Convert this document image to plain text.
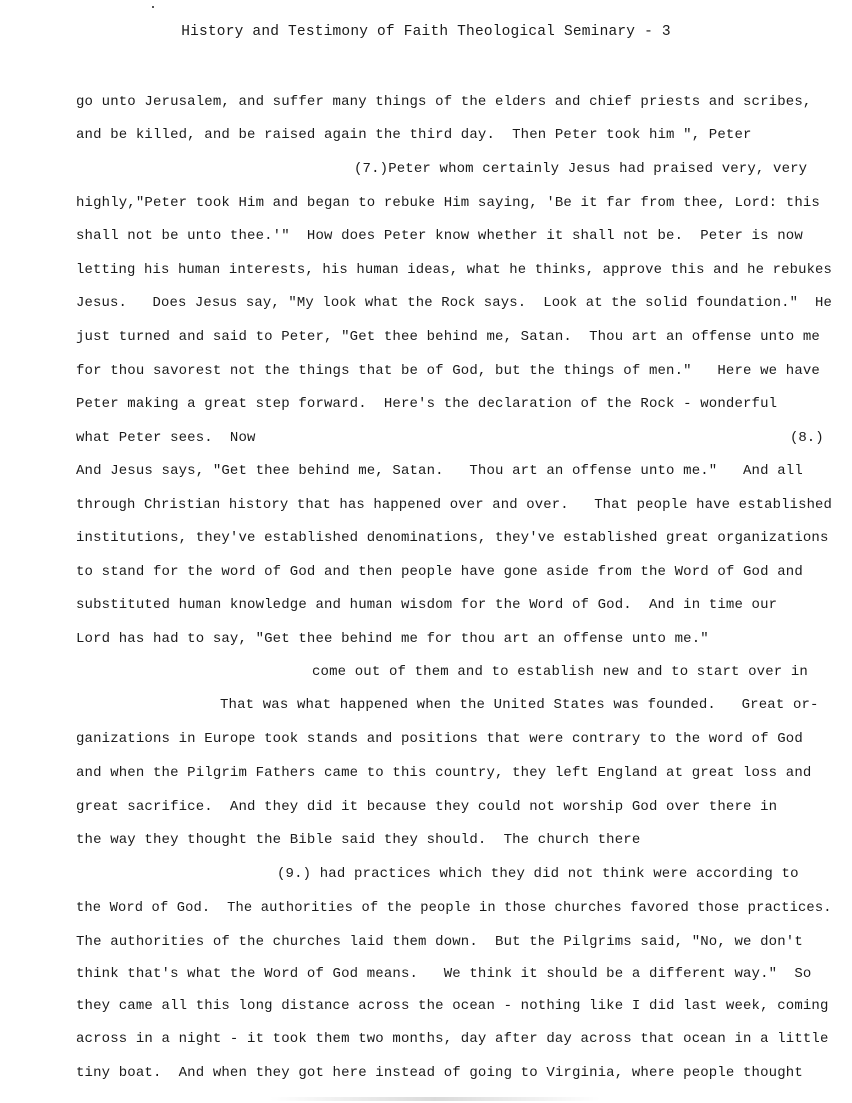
History and Testimony of Faith Theological Seminary - 3
go unto Jerusalem, and suffer many things of the elders and chief priests and scribes,
and be killed, and be raised again the third day.  Then Peter took him ", Peter
(7.)Peter whom certainly Jesus had praised very, very
highly,"Peter took Him and began to rebuke Him saying, 'Be it far from thee, Lord: this
shall not be unto thee.'"  How does Peter know whether it shall not be.  Peter is now
letting his human interests, his human ideas, what he thinks, approve this and he rebukes
Jesus.   Does Jesus say, "My look what the Rock says.  Look at the solid foundation."  He
just turned and said to Peter, "Get thee behind me, Satan.  Thou art an offense unto me
for thou savorest not the things that be of God, but the things of men."   Here we have
Peter making a great step forward.  Here's the declaration of the Rock - wonderful
what Peter sees.  Now	(8.)
And Jesus says, "Get thee behind me, Satan.   Thou art an offense unto me."   And all
through Christian history that has happened over and over.   That people have established
institutions, they've established denominations, they've established great organizations
to stand for the word of God and then people have gone aside from the Word of God and
substituted human knowledge and human wisdom for the Word of God.  And in time our
Lord has had to say, "Get thee behind me for thou art an offense unto me."
come out of them and to establish new and to start over in
That was what happened when the United States was founded.   Great or-
ganizations in Europe took stands and positions that were contrary to the word of God
and when the Pilgrim Fathers came to this country, they left England at great loss and
great sacrifice.  And they did it because they could not worship God over there in
the way they thought the Bible said they should.  The church there
(9.) had practices which they did not think were according to
the Word of God.  The authorities of the people in those churches favored those practices.
The authorities of the churches laid them down.  But the Pilgrims said, "No, we don't
think that's what the Word of God means.   We think it should be a different way."  So
they came all this long distance across the ocean - nothing like I did last week, coming
across in a night - it took them two months, day after day across that ocean in a little
tiny boat.  And when they got here instead of going to Virginia, where people thought
